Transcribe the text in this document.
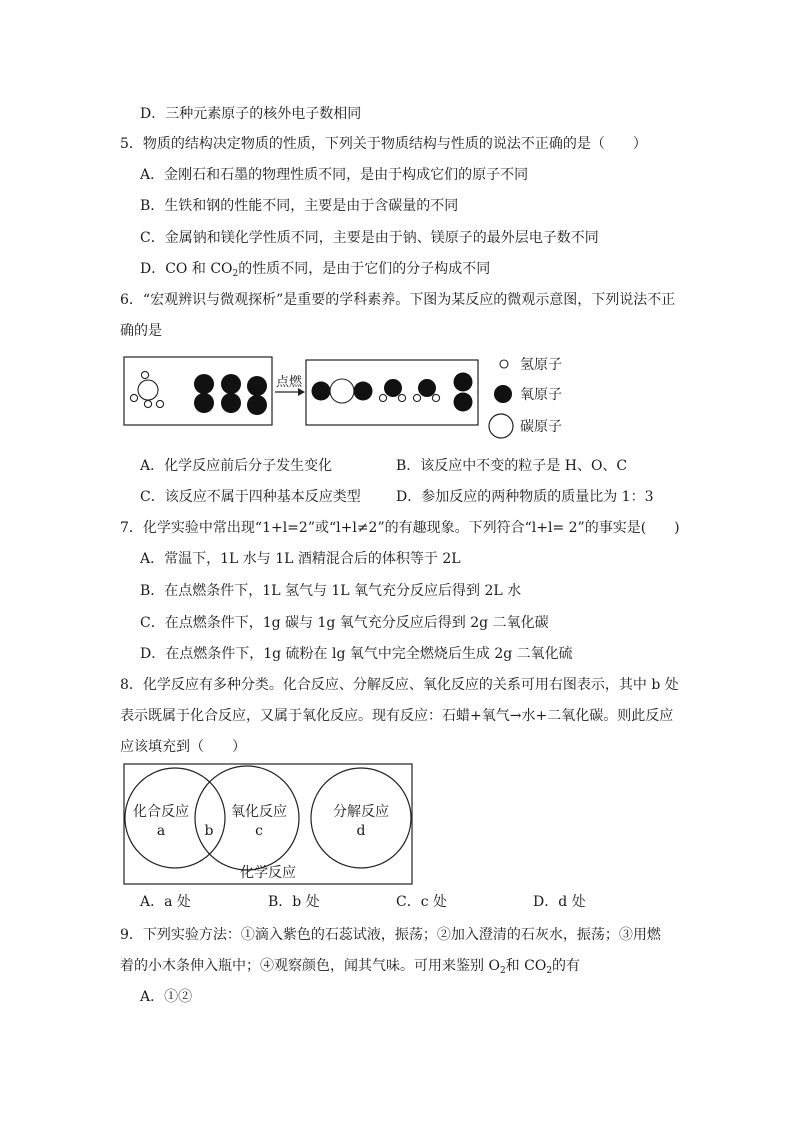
D．三种元素原子的核外电子数相同
5．物质的结构决定物质的性质，下列关于物质结构与性质的说法不正确的是（　　）
A．金刚石和石墨的物理性质不同，是由于构成它们的原子不同
B．生铁和钢的性能不同，主要是由于含碳量的不同
C．金属钠和镁化学性质不同，主要是由于钠、镁原子的最外层电子数不同
D．CO 和 $CO_2$的性质不同，是由于它们的分子构成不同
6．“宏观辨识与微观探析”是重要的学科素养。下图为某反应的微观示意图，下列说法不正
确的是
点燃
氢原子
氧原子
碳原子
A．化学反应前后分子发生变化	B．该反应中不变的粒子是 H、O、C
C．该反应不属于四种基本反应类型	D．参加反应的两种物质的质量比为 1：3
7．化学实验中常出现“1+l=2”或“l+l≠2”的有趣现象。下列符合“l+l= 2”的事实是(　　)
A．常温下，1L 水与 1L 酒精混合后的体积等于 2L
B．在点燃条件下，1L 氢气与 1L 氧气充分反应后得到 2L 水
C．在点燃条件下，1g 碳与 1g 氧气充分反应后得到 2g 二氧化碳
D．在点燃条件下，1g 硫粉在 lg 氧气中完全燃烧后生成 2g 二氧化硫
8．化学反应有多种分类。化合反应、分解反应、氧化反应的关系可用右图表示，其中 b 处
表示既属于化合反应，又属于氧化反应。现有反应：石蜡+氧气→水+二氧化碳。则此反应
应该填充到（　　）
化合反应
a	b
氧化反应
c
分解反应
d
化学反应
A．a 处	B．b 处	C．c 处	D．d 处
9．下列实验方法：①滴入紫色的石蕊试液，振荡；②加入澄清的石灰水，振荡；③用燃
着的小木条伸入瓶中；④观察颜色，闻其气味。可用来鉴别 $O_2$和 $CO_2$的有
A．①②
